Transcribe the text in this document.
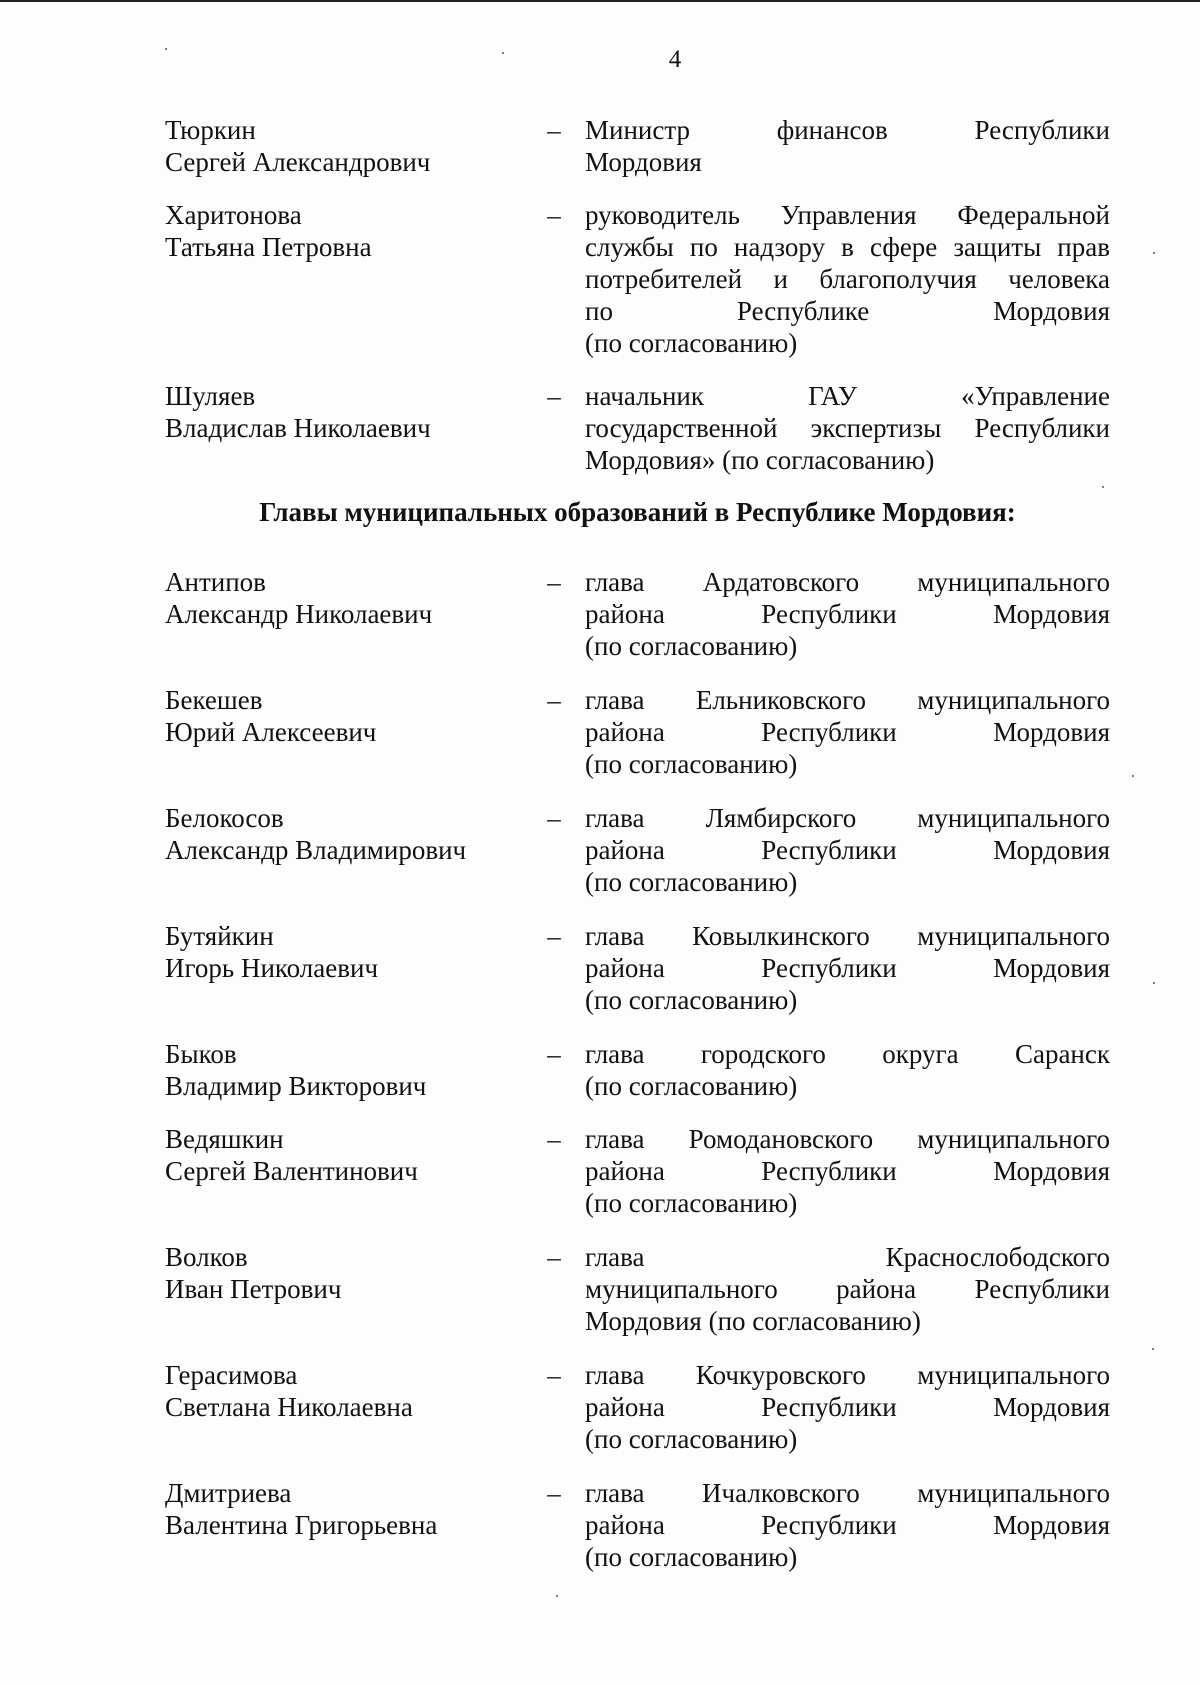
4
Тюркин
Сергей Александрович
– Министр финансов Республики
Мордовия
Харитонова
Татьяна Петровна
– руководитель Управления Федеральной
службы по надзору в сфере защиты прав
потребителей и благополучия человека
по Республике Мордовия
(по согласованию)
Шуляев
Владислав Николаевич
– начальник ГАУ «Управление
государственной экспертизы Республики
Мордовия» (по согласованию)
Главы муниципальных образований в Республике Мордовия:
Антипов
Александр Николаевич
– глава Ардатовского муниципального
района Республики Мордовия
(по согласованию)
Бекешев
Юрий Алексеевич
– глава Ельниковского муниципального
района Республики Мордовия
(по согласованию)
Белокосов
Александр Владимирович
– глава Лямбирского муниципального
района Республики Мордовия
(по согласованию)
Бутяйкин
Игорь Николаевич
– глава Ковылкинского муниципального
района Республики Мордовия
(по согласованию)
Быков
Владимир Викторович
– глава городского округа Саранск
(по согласованию)
Ведяшкин
Сергей Валентинович
– глава Ромодановского муниципального
района Республики Мордовия
(по согласованию)
Волков
Иван Петрович
– глава Краснослободского
муниципального района Республики
Мордовия (по согласованию)
Герасимова
Светлана Николаевна
– глава Кочкуровского муниципального
района Республики Мордовия
(по согласованию)
Дмитриева
Валентина Григорьевна
– глава Ичалковского муниципального
района Республики Мордовия
(по согласованию)
